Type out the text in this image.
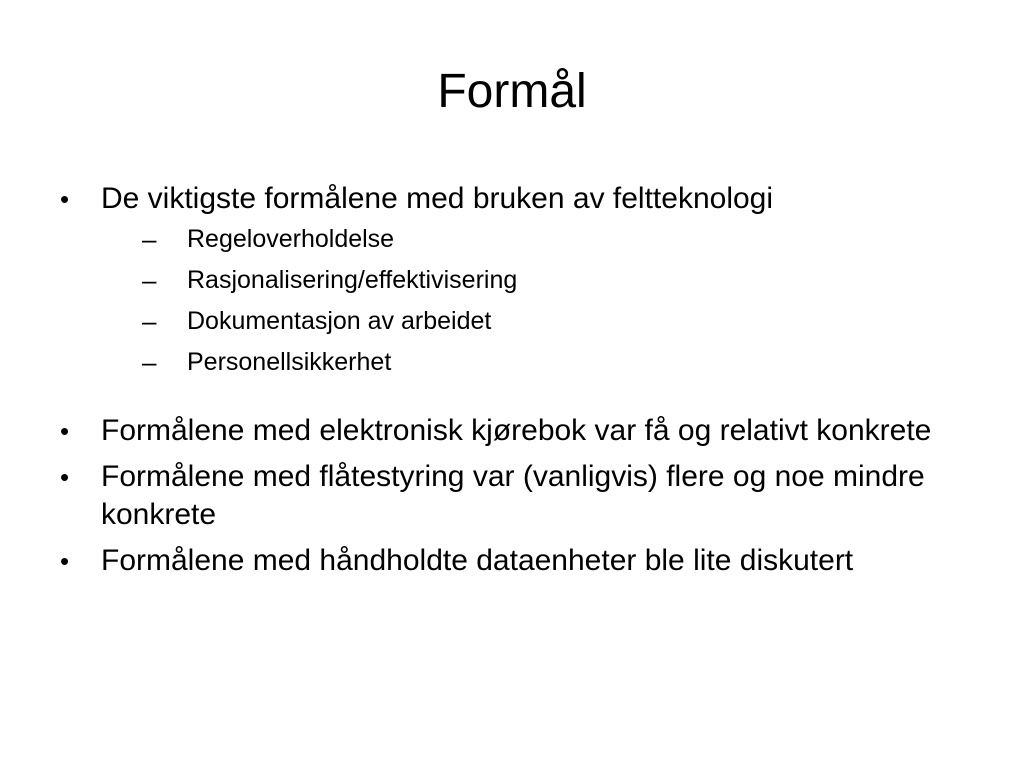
Formål
•	De viktigste formålene med bruken av feltteknologi
–	Regeloverholdelse
–	Rasjonalisering/effektivisering
–	Dokumentasjon av arbeidet
–	Personellsikkerhet
•	Formålene med elektronisk kjørebok var få og relativt konkrete
•	Formålene med flåtestyring var (vanligvis) flere og noe mindre konkrete
•	Formålene med håndholdte dataenheter ble lite diskutert
